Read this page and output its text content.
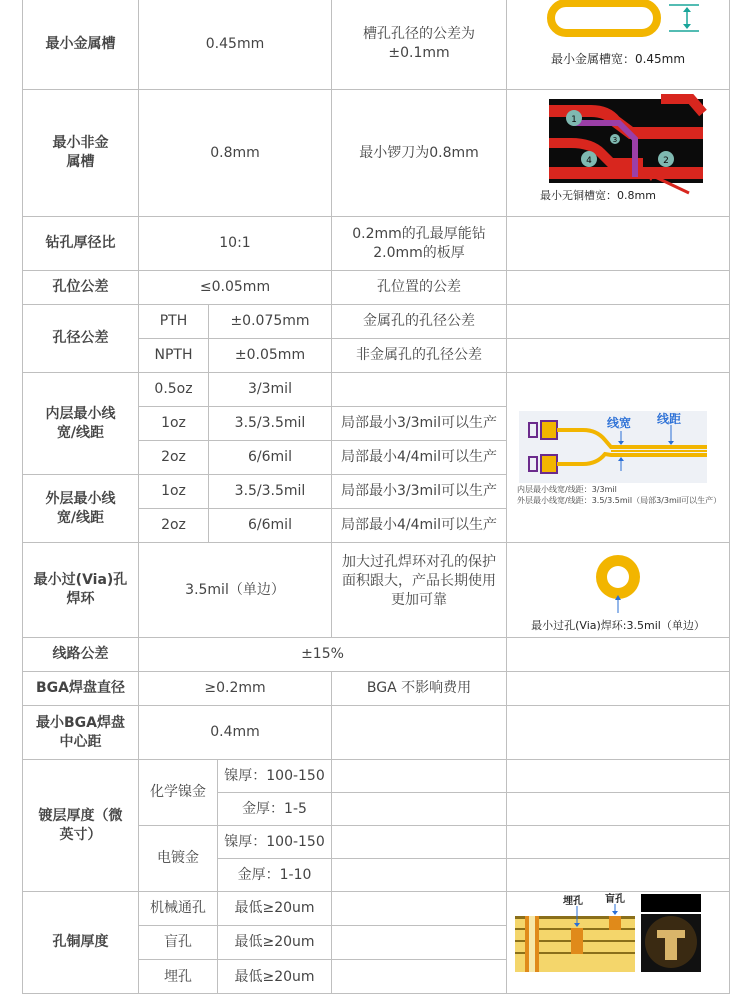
最小金属槽	0.45mm			槽孔孔径的公差为±0.1mm	最小金属槽宽：0.45mm

最小非金属槽	0.8mm			最小锣刀为0.8mm	1
3
4 2
最小无铜槽宽：0.8mm

钻孔厚径比	10:1			0.2mm的孔最厚能钻2.0mm的板厚	
孔位公差	≤0.05mm			孔位置的公差	
孔径公差	PTH	±0.075mm		金属孔的孔径公差	
	NPTH	±0.05mm		非金属孔的孔径公差	
内层最小线宽/线距	0.5oz	3/3mil			线宽 线距
内层最小线宽/线距：3/3mil
外层最小线宽/线距：3.5/3.5mil（局部3/3mil可以生产）

	1oz	3.5/3.5mil		局部最小3/3mil可以生产	
	2oz	6/6mil		局部最小4/4mil可以生产	
外层最小线宽/线距	1oz	3.5/3.5mil		局部最小3/3mil可以生产	
	2oz	6/6mil		局部最小4/4mil可以生产	
最小过(Via)孔焊环	3.5mil（单边）			加大过孔焊环对孔的保护面积跟大，产品长期使用更加可靠	最小过孔(Via)焊环:3.5mil（单边）

线路公差	±15%				
BGA焊盘直径	≥0.2mm			BGA 不影响费用	
最小BGA焊盘中心距	0.4mm				
镀层厚度（微英寸）	化学镍金		镍厚：100-150		
			金厚：1-5		
	电镀金		镍厚：100-150		
			金厚：1-10		
孔铜厚度	机械通孔		最低≥20um		埋孔 盲孔

	盲孔		最低≥20um		
	埋孔		最低≥20um		
